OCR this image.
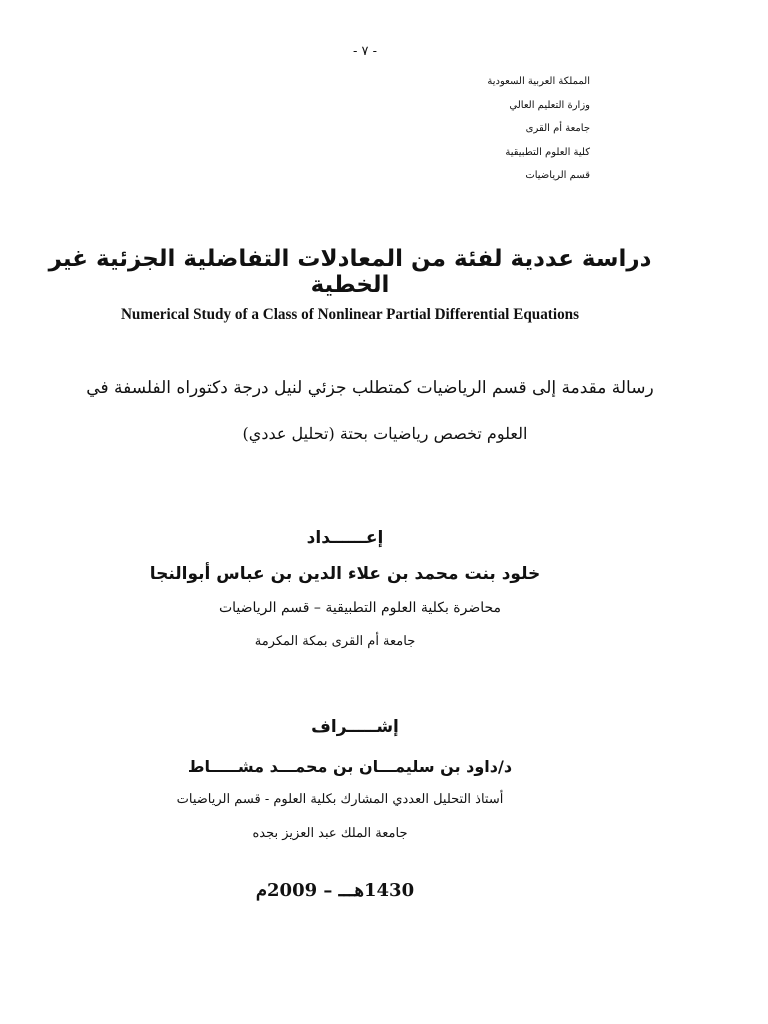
- ٧ -
المملكة العربية السعودية
وزارة التعليم العالي
جامعة أم القرى
كلية العلوم التطبيقية
قسم الرياضيات
دراسة عددية لفئة من المعادلات التفاضلية الجزئية غير الخطية
Numerical Study of a Class of Nonlinear Partial Differential Equations
رسالة مقدمة إلى قسم الرياضيات كمتطلب جزئي لنيل درجة دكتوراه الفلسفة في
العلوم تخصص رياضيات بحتة (تحليل عددي)
إعــــــداد
خلود بنت محمد بن علاء الدين بن عباس أبوالنجا
محاضرة بكلية العلوم التطبيقية – قسم الرياضيات
جامعة أم القرى بمكة المكرمة
إشـــــراف
د/داود بن سليمـــان بن محمـــد مشـــــاط
أستاذ التحليل العددي المشارك بكلية العلوم - قسم الرياضيات
جامعة الملك عبد العزيز بجده
1430هـــ – 2009م
